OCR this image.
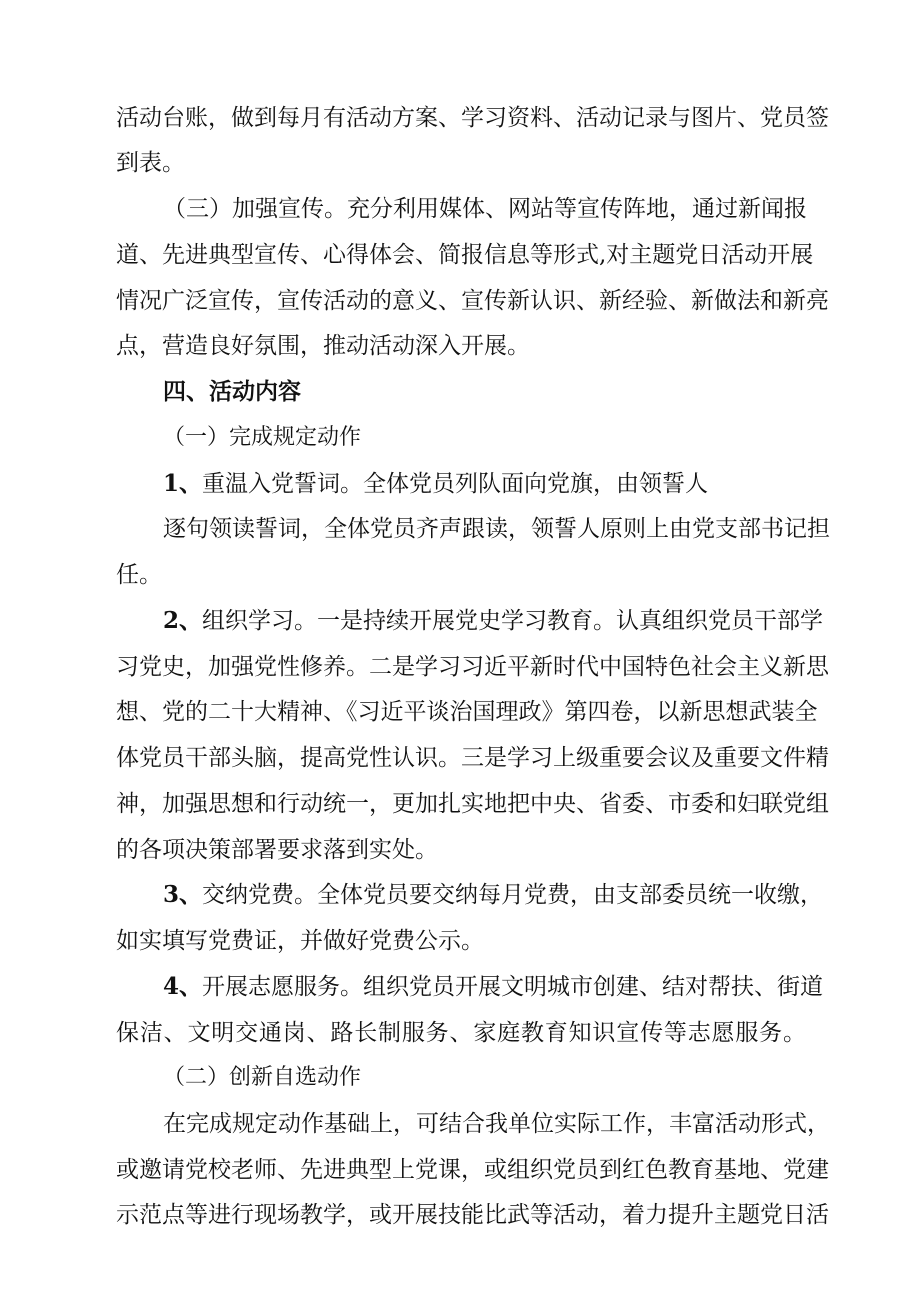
活动台账，做到每月有活动方案、学习资料、活动记录与图片、党员签
到表。
（三）加强宣传。充分利用媒体、网站等宣传阵地，通过新闻报
道、先进典型宣传、心得体会、简报信息等形式,对主题党日活动开展
情况广泛宣传，宣传活动的意义、宣传新认识、新经验、新做法和新亮
点，营造良好氛围，推动活动深入开展。
四、活动内容
（一）完成规定动作
1、重温入党誓词。全体党员列队面向党旗，由领誓人
逐句领读誓词，全体党员齐声跟读，领誓人原则上由党支部书记担
任。
2、组织学习。一是持续开展党史学习教育。认真组织党员干部学
习党史，加强党性修养。二是学习习近平新时代中国特色社会主义新思
想、党的二十大精神、《习近平谈治国理政》第四卷，以新思想武装全
体党员干部头脑，提高党性认识。三是学习上级重要会议及重要文件精
神，加强思想和行动统一，更加扎实地把中央、省委、市委和妇联党组
的各项决策部署要求落到实处。
3、交纳党费。全体党员要交纳每月党费，由支部委员统一收缴，
如实填写党费证，并做好党费公示。
4、开展志愿服务。组织党员开展文明城市创建、结对帮扶、街道
保洁、文明交通岗、路长制服务、家庭教育知识宣传等志愿服务。
（二）创新自选动作
在完成规定动作基础上，可结合我单位实际工作，丰富活动形式，
或邀请党校老师、先进典型上党课，或组织党员到红色教育基地、党建
示范点等进行现场教学，或开展技能比武等活动，着力提升主题党日活
